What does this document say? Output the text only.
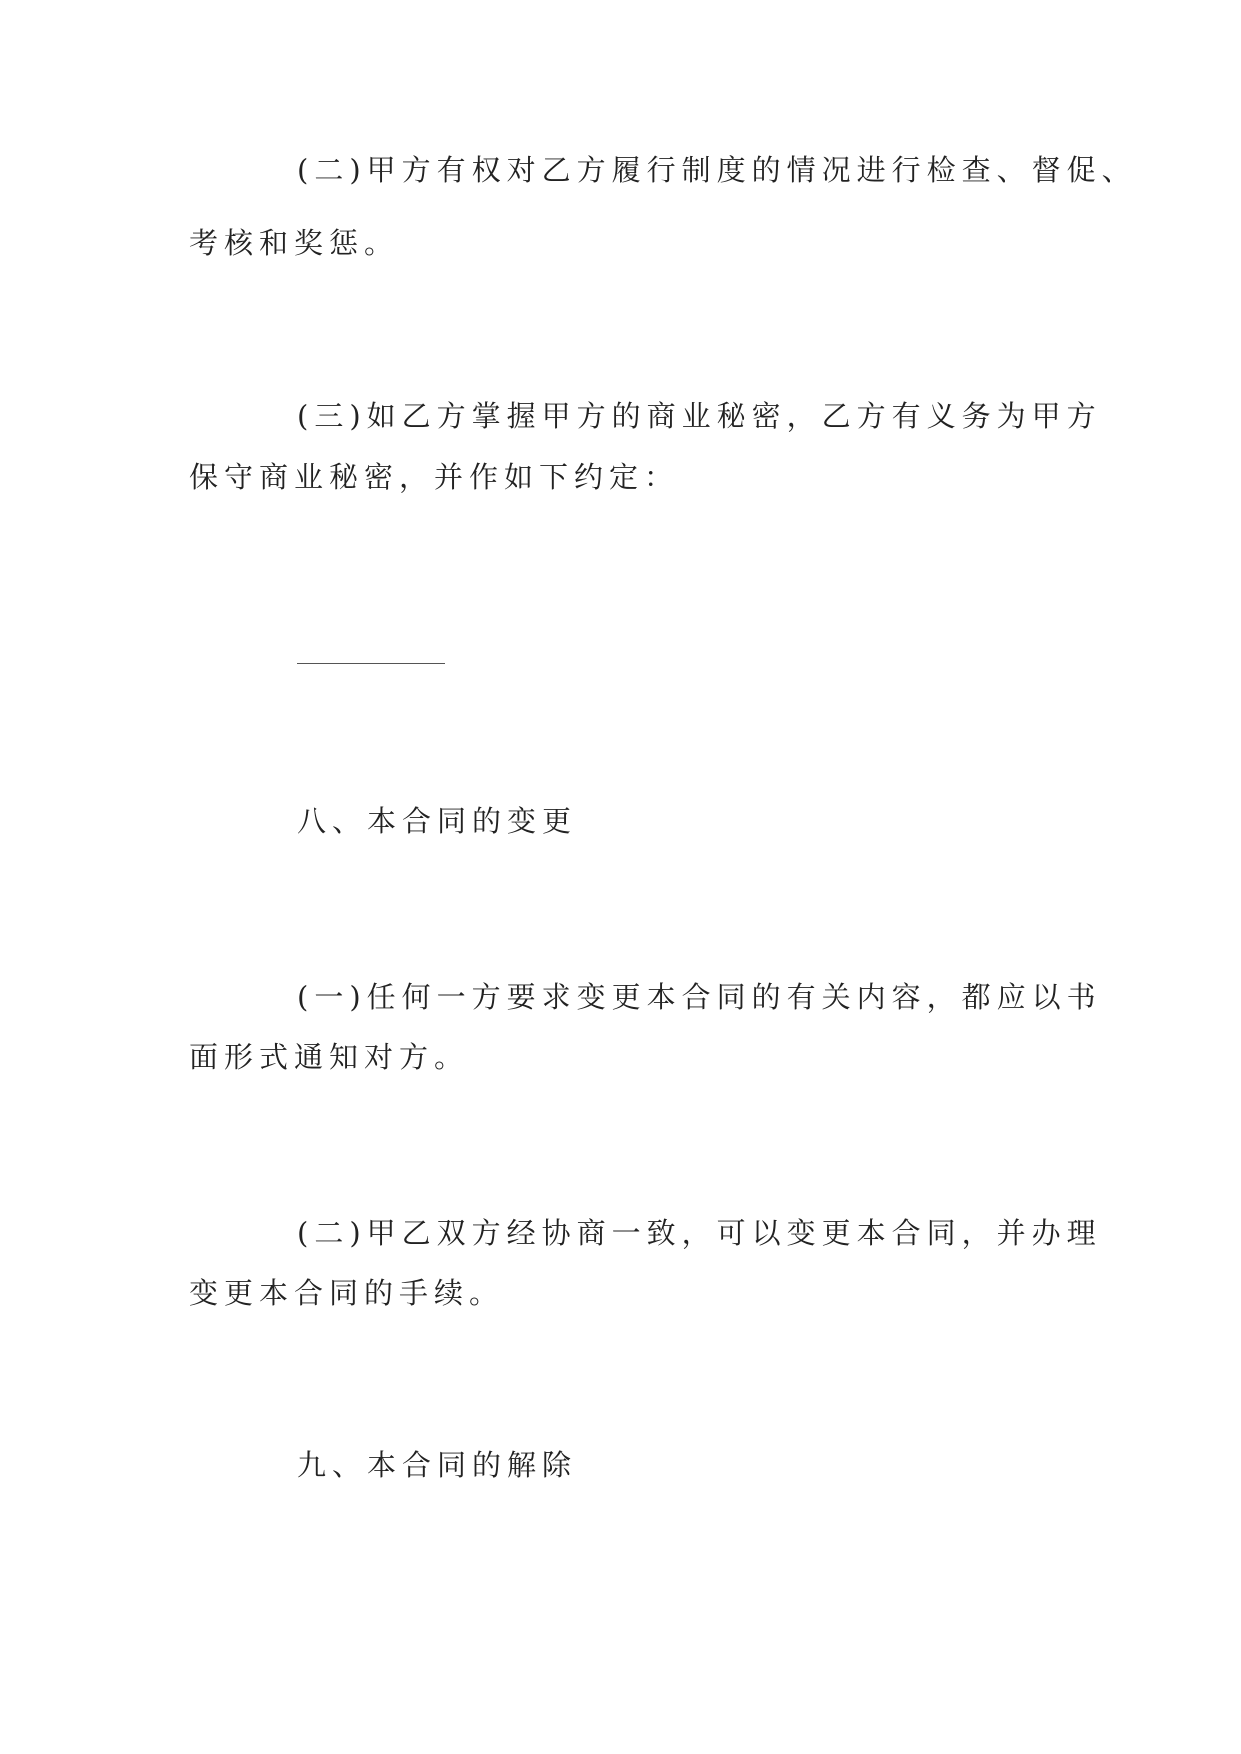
(二)甲方有权对乙方履行制度的情况进行检查、督促、
考核和奖惩。
(三)如乙方掌握甲方的商业秘密，乙方有义务为甲方
保守商业秘密，并作如下约定：
八、本合同的变更
(一)任何一方要求变更本合同的有关内容，都应以书
面形式通知对方。
(二)甲乙双方经协商一致，可以变更本合同，并办理
变更本合同的手续。
九、本合同的解除
